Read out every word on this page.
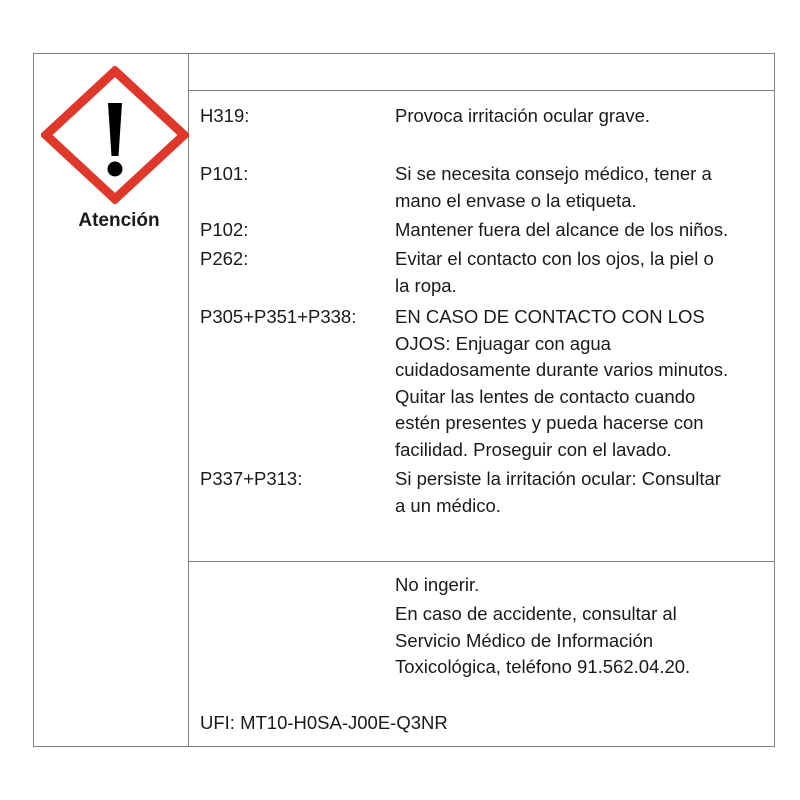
Atención
H319:	Provoca irritación ocular grave.
P101:	Si se necesita consejo médico, tener a
mano el envase o la etiqueta.
P102:	Mantener fuera del alcance de los niños.
P262:	Evitar el contacto con los ojos, la piel o
la ropa.
P305+P351+P338: EN CASO DE CONTACTO CON LOS
OJOS: Enjuagar con agua
cuidadosamente durante varios minutos.
Quitar las lentes de contacto cuando
estén presentes y pueda hacerse con
facilidad. Proseguir con el lavado.
P337+P313:	Si persiste la irritación ocular: Consultar
a un médico.
No ingerir.
En caso de accidente, consultar al
Servicio Médico de Información
Toxicológica, teléfono 91.562.04.20.
UFI: MT10-H0SA-J00E-Q3NR
